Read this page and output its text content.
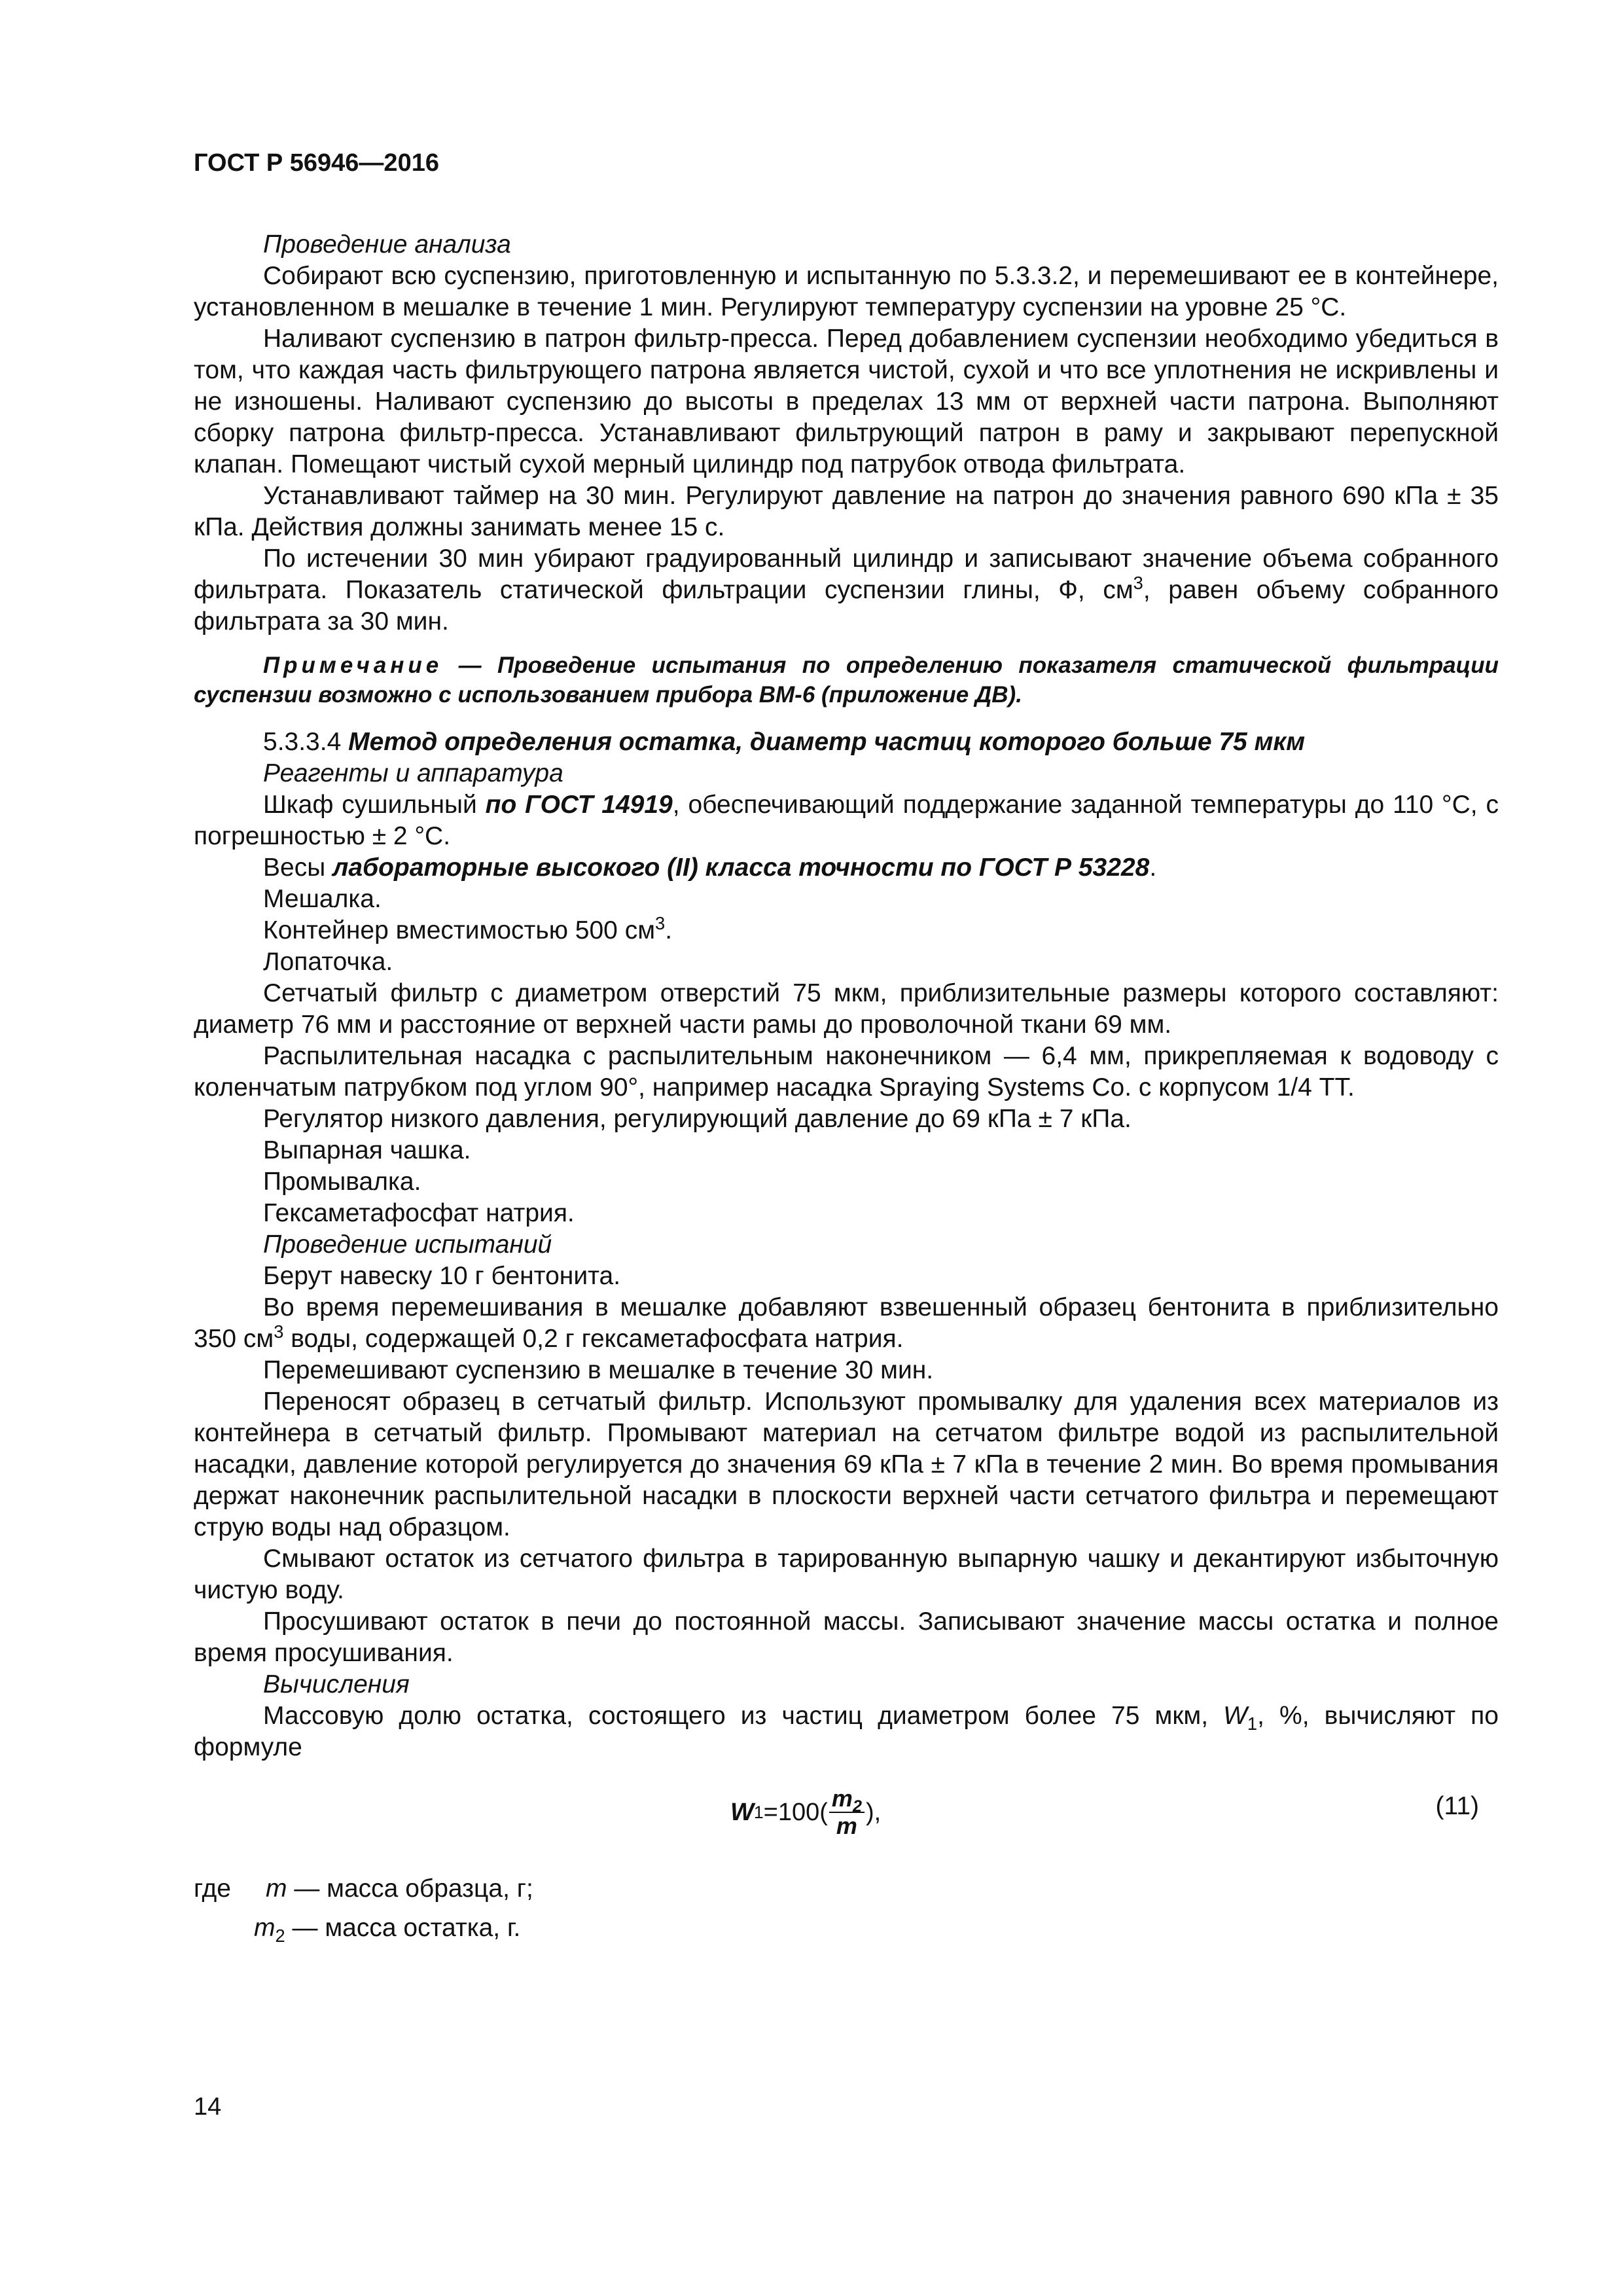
ГОСТ Р 56946—2016

Проведение анализа

Собирают всю суспензию, приготовленную и испытанную по 5.3.3.2, и перемешивают ее в контейнере, установленном в мешалке в течение 1 мин. Регулируют температуру суспензии на уровне 25 °C.

Наливают суспензию в патрон фильтр-пресса. Перед добавлением суспензии необходимо убедиться в том, что каждая часть фильтрующего патрона является чистой, сухой и что все уплотнения не искривлены и не изношены. Наливают суспензию до высоты в пределах 13 мм от верхней части патрона. Выполняют сборку патрона фильтр-пресса. Устанавливают фильтрующий патрон в раму и закрывают перепускной клапан. Помещают чистый сухой мерный цилиндр под патрубок отвода фильтрата.

Устанавливают таймер на 30 мин. Регулируют давление на патрон до значения равного 690 кПа ± 35 кПа. Действия должны занимать менее 15 с.

По истечении 30 мин убирают градуированный цилиндр и записывают значение объема собранного фильтрата. Показатель статической фильтрации суспензии глины, Ф, $см^3$, равен объему собранного фильтрата за 30 мин.

Примечание — Проведение испытания по определению показателя статической фильтрации суспензии возможно с использованием прибора ВМ-6 (приложение ДВ).

5.3.3.4 Метод определения остатка, диаметр частиц которого больше 75 мкм

Реагенты и аппаратура

Шкаф сушильный по ГОСТ 14919, обеспечивающий поддержание заданной температуры до 110 °C, с погрешностью ± 2 °C.

Весы лабораторные высокого (II) класса точности по ГОСТ Р 53228.

Мешалка.

Контейнер вместимостью 500 $см^3$.

Лопаточка.

Сетчатый фильтр с диаметром отверстий 75 мкм, приблизительные размеры которого составляют: диаметр 76 мм и расстояние от верхней части рамы до проволочной ткани 69 мм.

Распылительная насадка с распылительным наконечником — 6,4 мм, прикрепляемая к водоводу с коленчатым патрубком под углом 90°, например насадка Spraying Systems Co. с корпусом 1/4 ТТ.

Регулятор низкого давления, регулирующий давление до 69 кПа ± 7 кПа.

Выпарная чашка.

Промывалка.

Гексаметафосфат натрия.

Проведение испытаний

Берут навеску 10 г бентонита.

Во время перемешивания в мешалке добавляют взвешенный образец бентонита в приблизительно 350 $см^3$ воды, содержащей 0,2 г гексаметафосфата натрия.

Перемешивают суспензию в мешалке в течение 30 мин.

Переносят образец в сетчатый фильтр. Используют промывалку для удаления всех материалов из контейнера в сетчатый фильтр. Промывают материал на сетчатом фильтре водой из распылительной насадки, давление которой регулируется до значения 69 кПа ± 7 кПа в течение 2 мин. Во время промывания держат наконечник распылительной насадки в плоскости верхней части сетчатого фильтра и перемещают струю воды над образцом.

Смывают остаток из сетчатого фильтра в тарированную выпарную чашку и декантируют избыточную чистую воду.

Просушивают остаток в печи до постоянной массы. Записывают значение массы остатка и полное время просушивания.

Вычисления

Массовую долю остатка, состоящего из частиц диаметром более 75 мкм, $W_1$, %, вычисляют по формуле

W 1 =100 ( $\frac{m_2}{m}$ ),	(11)
где m — масса образца, г;
$m_2$ — масса остатка, г.
14
